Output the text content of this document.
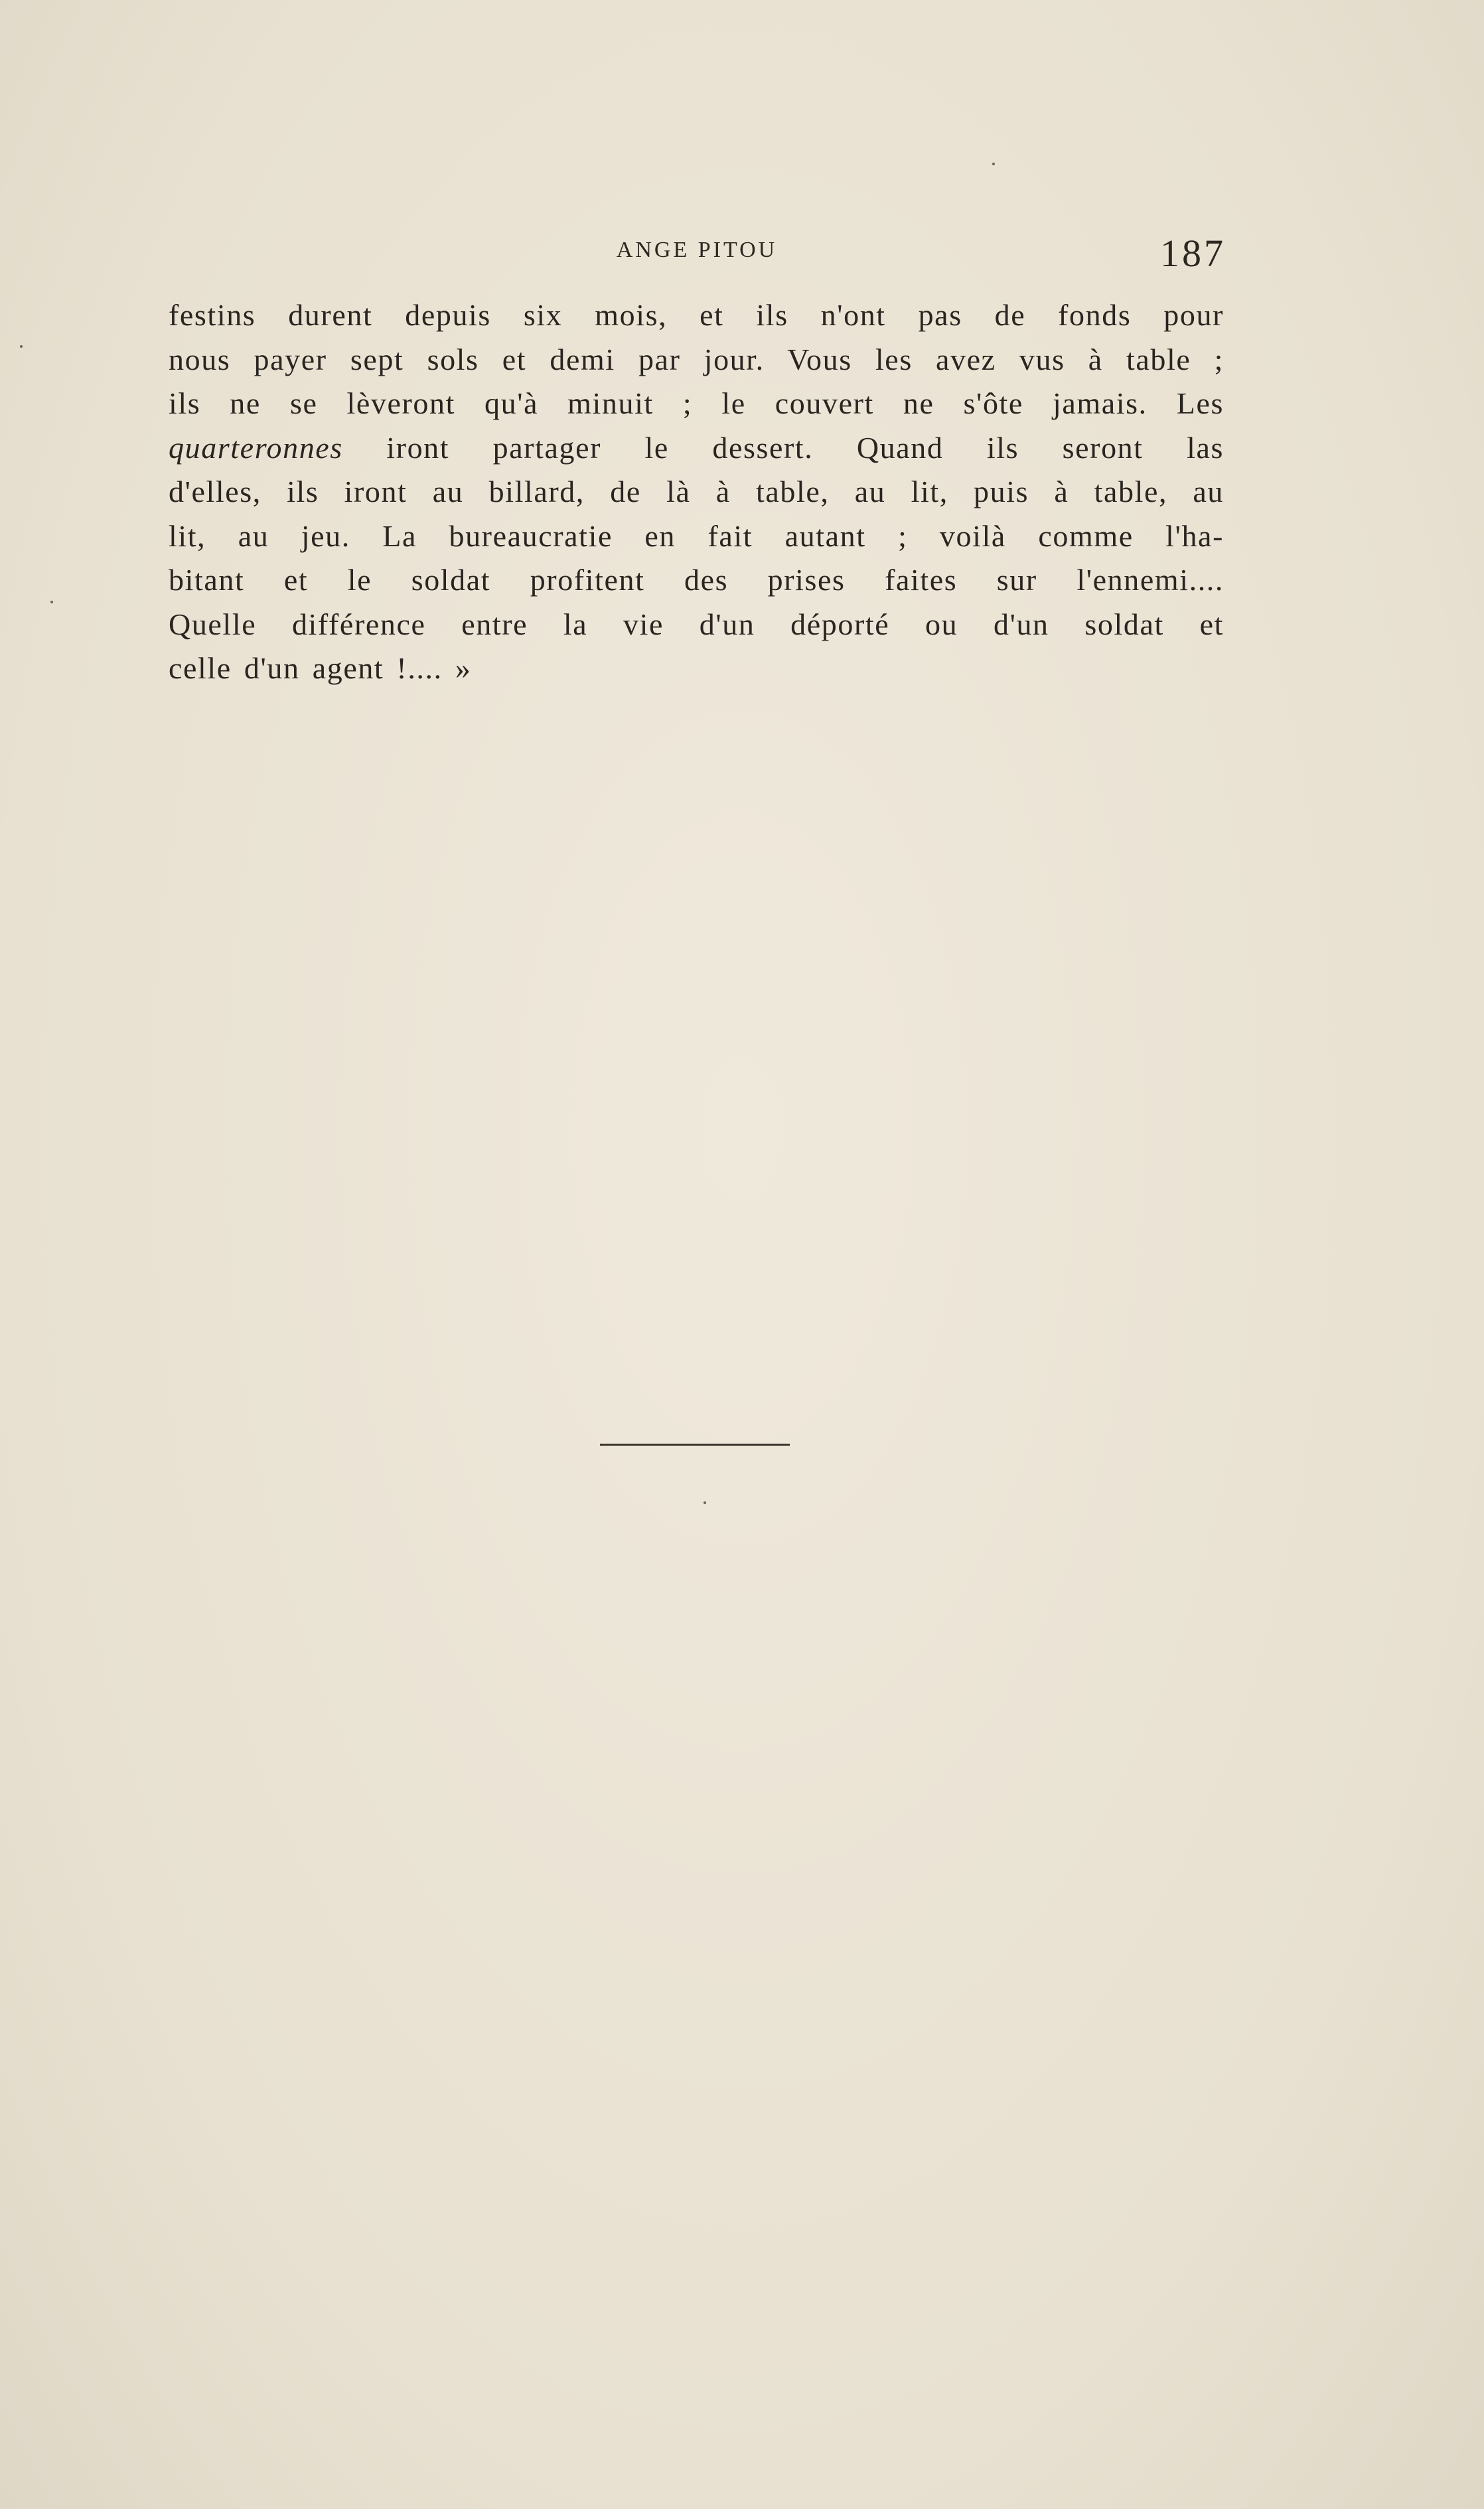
ANGE PITOU	187
festins durent depuis six mois, et ils n'ont pas de fonds pour
nous payer sept sols et demi par jour. Vous les avez vus à table ;
ils ne se lèveront qu'à minuit ; le couvert ne s'ôte jamais. Les
quarteronnes iront partager le dessert. Quand ils seront las
d'elles, ils iront au billard, de là à table, au lit, puis à table, au
lit, au jeu. La bureaucratie en fait autant ; voilà comme l'ha-
bitant et le soldat profitent des prises faites sur l'ennemi....
Quelle différence entre la vie d'un déporté ou d'un soldat et
celle d'un agent !.... »
